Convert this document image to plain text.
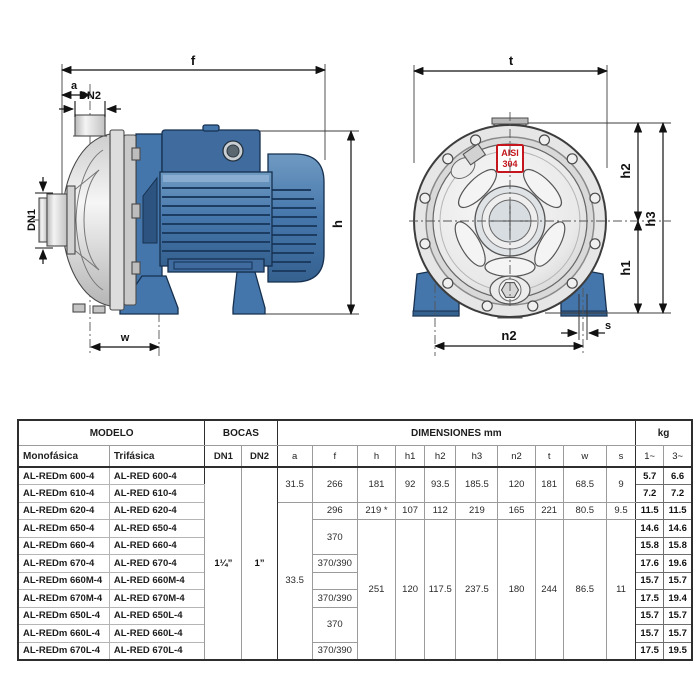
f
a
DN2
DN1	h
w
AISI
304
t
h2
h1
h3
n2
s
MODELO		BOCAS		DIMENSIONES mm										kg	
Monofásica	Trifásica	DN1	DN2	a	f	h	h1	h2	h3	n2	t	w	s	1~	3~
AL-REDm 600-4	AL-RED 600-4	1¼”	1”	31.5	266	181	92	93.5	185.5	120	181	68.5	9	5.7	6.6
AL-REDm 610-4	AL-RED 610-4													7.2	7.2
AL-REDm 620-4	AL-RED 620-4			33.5	296	219 *	107	112	219	165	221	80.5	9.5	11.5	11.5
AL-REDm 650-4	AL-RED 650-4				370	251	120	117.5	237.5	180	244	86.5	11	14.6	14.6
AL-REDm 660-4	AL-RED 660-4													15.8	15.8
AL-REDm 670-4	AL-RED 670-4				370/390									17.6	19.6
AL-REDm 660M-4	AL-RED 660M-4													15.7	15.7
AL-REDm 670M-4	AL-RED 670M-4				370/390									17.5	19.4
AL-REDm 650L-4	AL-RED 650L-4				370									15.7	15.7
AL-REDm 660L-4	AL-RED 660L-4													15.7	15.7
AL-REDm 670L-4	AL-RED 670L-4				370/390									17.5	19.5
